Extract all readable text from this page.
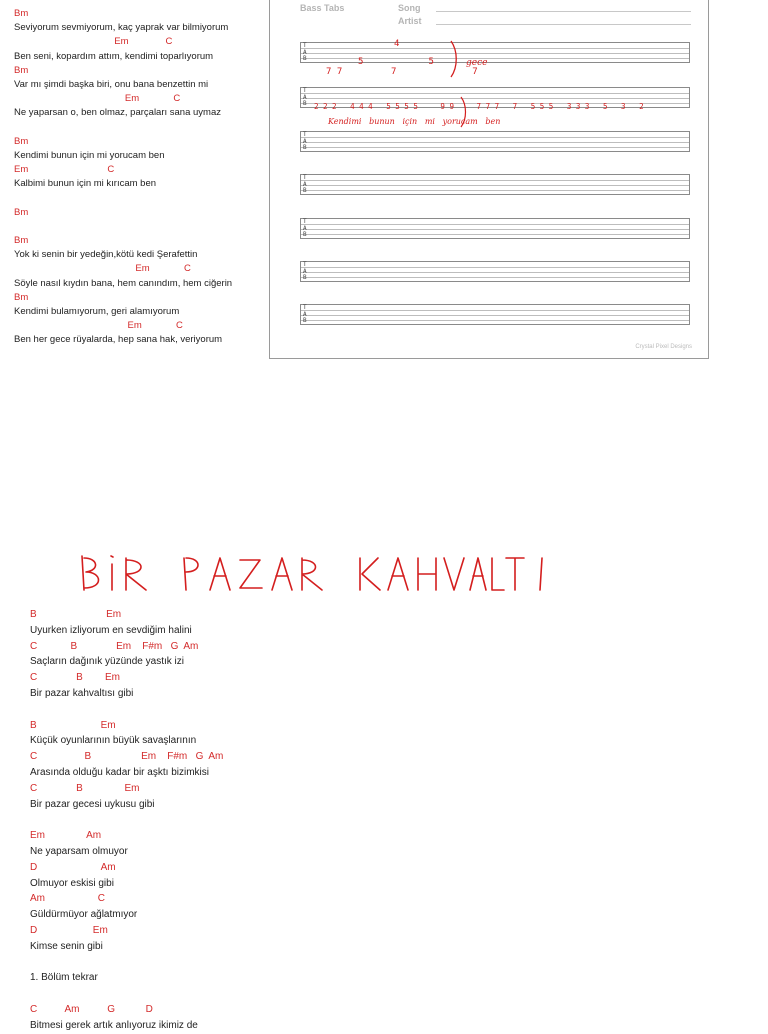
Bm
Seviyorum sevmiyorum, kaç yaprak var bilmiyorum
Em              C
Ben seni, kopardım attım, kendimi toparlıyorum
Bm
Var mı şimdi başka biri, onu bana benzettin mi
Em             C
Ne yaparsan o, ben olmaz, parçaları sana uymaz
Bm
Kendimi bunun için mi yorucam ben
Em                              C
Kalbimi bunun için mi kırıcam ben
Bm
Bm
Yok ki senin bir yedeğin,kötü kedi Şerafettin
Em             C
Söyle nasıl kıydın bana, hem canındım, hem ciğerin
Bm
Kendimi bulamıyorum, geri alamıyorum
Em             C
Ben her gece rüyalarda, hep sana hak, veriyorum
Bass Tabs	Song
Artist
T
A
B
T
A
B
T
A
B
T
A
B
T
A
B
T
A
B
T
A
B
4
5            5
7 7         7              7
gece
2 2 2   4 4 4   5 5 5 5     9 9     7 7 7   7   5 5 5   3 3 3   5   3   2
Kendimi   bunun   için   mi   yorucam   ben
Crystal Pixel Designs
B                         Em
Uyurken izliyorum en sevdiğim halini
C            B              Em    F#m   G  Am
Saçların dağınık yüzünde yastık izi
C              B        Em
Bir pazar kahvaltısı gibi
B                       Em
Küçük oyunlarının büyük savaşlarının
C                 B                  Em    F#m   G  Am
Arasında olduğu kadar bir aşktı bizimkisi
C              B               Em
Bir pazar gecesi uykusu gibi
Em               Am
Ne yaparsam olmuyor
D                       Am
Olmuyor eskisi gibi
Am                   C
Güldürmüyor ağlatmıyor
D                    Em
Kimse senin gibi
1. Bölüm tekrar
C          Am          G           D
Bitmesi gerek artık anlıyoruz ikimiz de
